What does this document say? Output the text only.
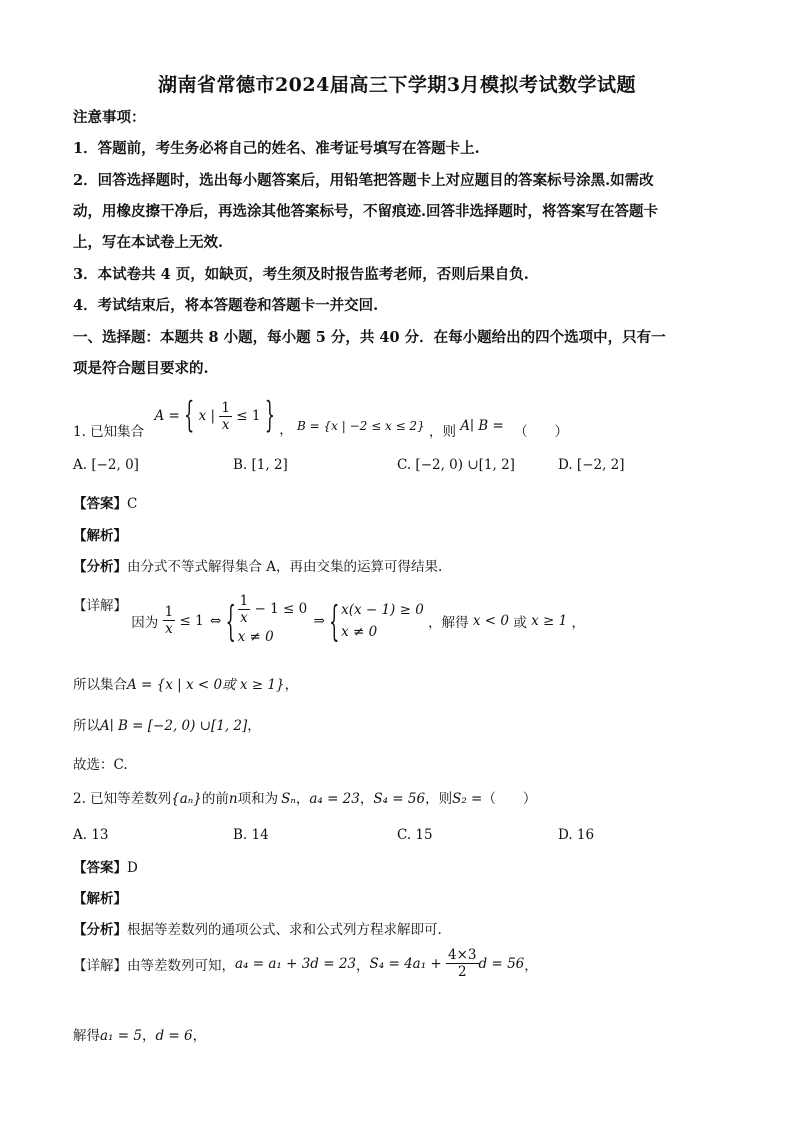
湖南省常德市2024届高三下学期3月模拟考试数学试题
注意事项：
1．答题前，考生务必将自己的姓名、准考证号填写在答题卡上.
2．回答选择题时，选出每小题答案后，用铅笔把答题卡上对应题目的答案标号涂黑.如需改
动，用橡皮擦干净后，再选涂其他答案标号，不留痕迹.回答非选择题时，将答案写在答题卡
上，写在本试卷上无效.
3．本试卷共 4 页，如缺页，考生须及时报告监考老师，否则后果自负.
4．考试结束后，将本答题卷和答题卡一并交回.
一、选择题：本题共 8 小题，每小题 5 分，共 40 分．在每小题给出的四个选项中，只有一
项是符合题目要求的.
1. 已知集合 A = { x | $\frac{1}{x} \le 1$ } ， B = {x | −2 ≤ x ≤ 2} ，则 A∣ B = （　　）
A. [−2, 0]	B. [1, 2]	C. [−2, 0) ∪[1, 2]	D. [−2, 2]
【答案】C
【解析】
【分析】由分式不等式解得集合 A，再由交集的运算可得结果.
【详解】 因为 $\frac{1}{x} \le 1$ ⇔ { $\frac{1}{x} - 1 \le 0$
x ≠ 0
⇒ { x(x − 1) ≥ 0
x ≠ 0
，解得 x < 0 或 x ≥ 1 ，
所以集合A = {x | x < 0或 x ≥ 1}，
所以A∣ B = [−2, 0) ∪[1, 2]，
故选：C.
2. 已知等差数列{aₙ}的前n项和为 Sₙ，a₄ = 23，S₄ = 56，则S₂ =（　　）
A. 13	B. 14	C. 15	D. 16
【答案】D
【解析】
【分析】根据等差数列的通项公式、求和公式列方程求解即可.
【详解】由等差数列可知，a₄ = a₁ + 3d = 23，$S_4 = 4a_1 + \frac{4\times 3}{2}$ d = 56，
解得a₁ = 5，d = 6，
